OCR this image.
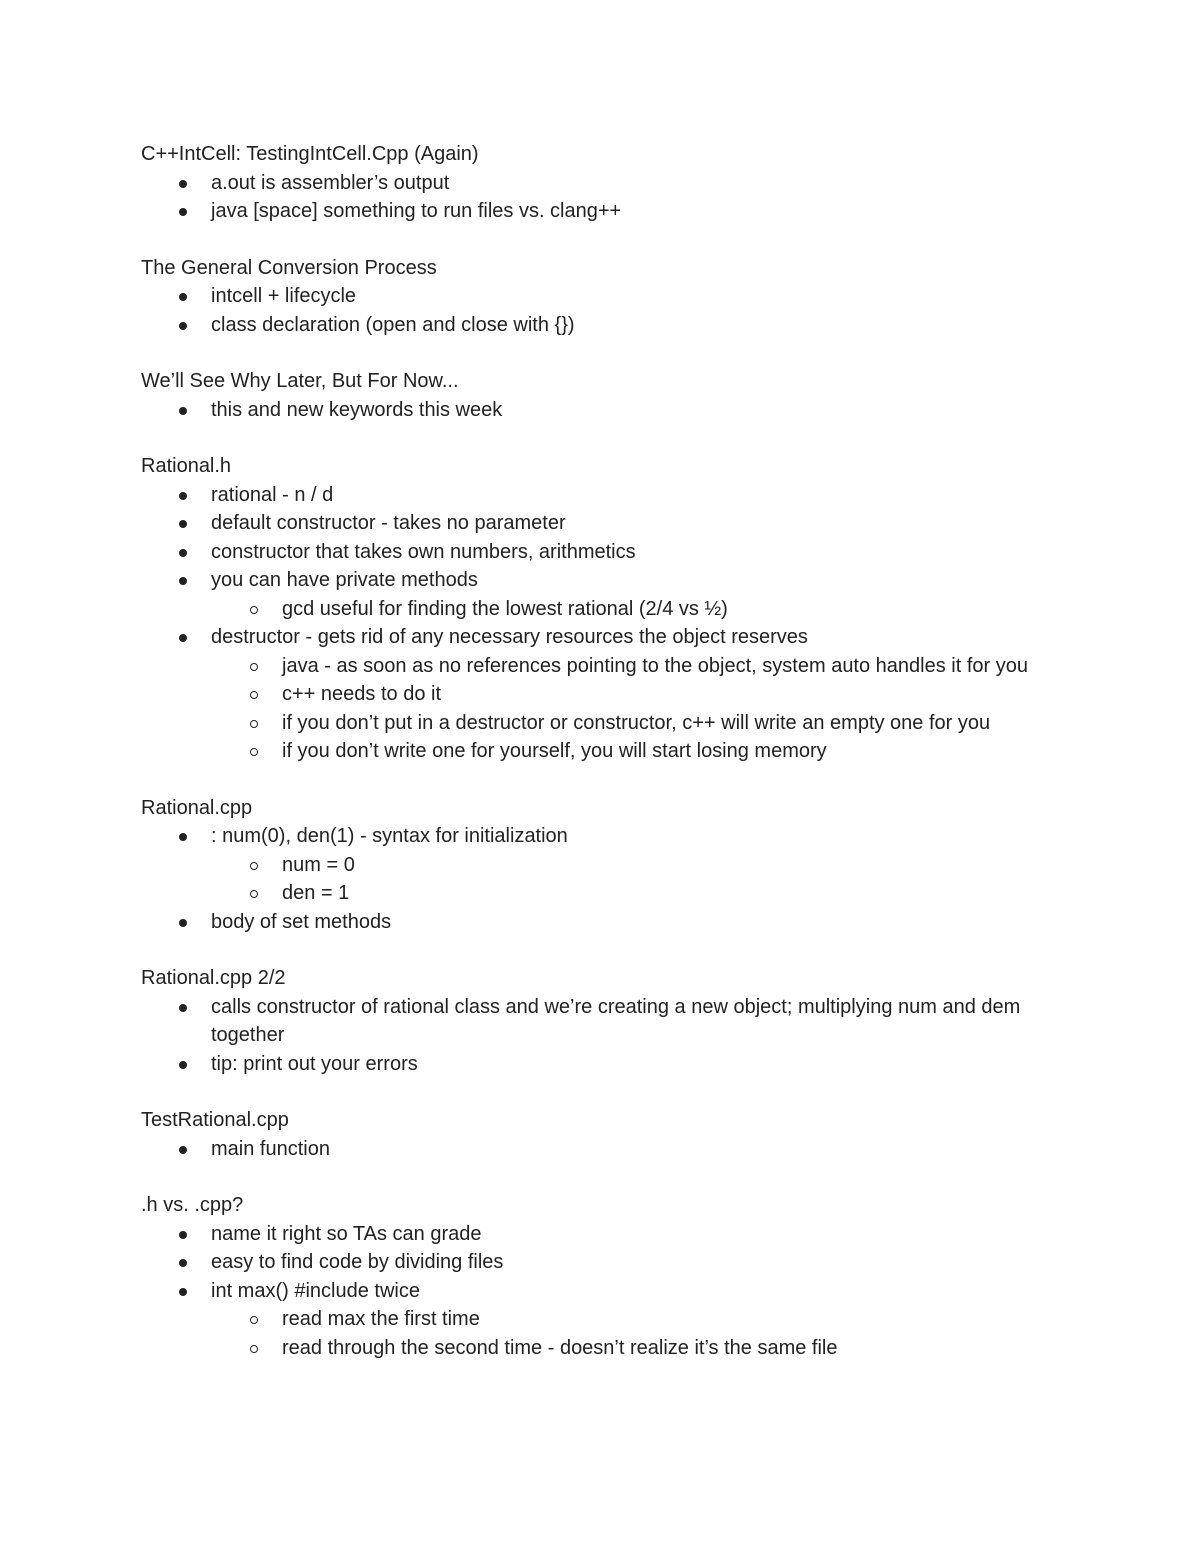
C++IntCell: TestingIntCell.Cpp (Again)
a.out is assembler’s output
java [space] something to run files vs. clang++
The General Conversion Process
intcell + lifecycle
class declaration (open and close with {})
We’ll See Why Later, But For Now...
this and new keywords this week
Rational.h
rational - n / d
default constructor - takes no parameter
constructor that takes own numbers, arithmetics
you can have private methods
gcd useful for finding the lowest rational (2/4 vs ½)
destructor - gets rid of any necessary resources the object reserves
java - as soon as no references pointing to the object, system auto handles it for you
c++ needs to do it
if you don’t put in a destructor or constructor, c++ will write an empty one for you
if you don’t write one for yourself, you will start losing memory
Rational.cpp
: num(0), den(1) - syntax for initialization
num = 0
den = 1
body of set methods
Rational.cpp 2/2
calls constructor of rational class and we’re creating a new object; multiplying num and dem together
tip: print out your errors
TestRational.cpp
main function
.h vs. .cpp?
name it right so TAs can grade
easy to find code by dividing files
int max() #include twice
read max the first time
read through the second time - doesn’t realize it’s the same file
